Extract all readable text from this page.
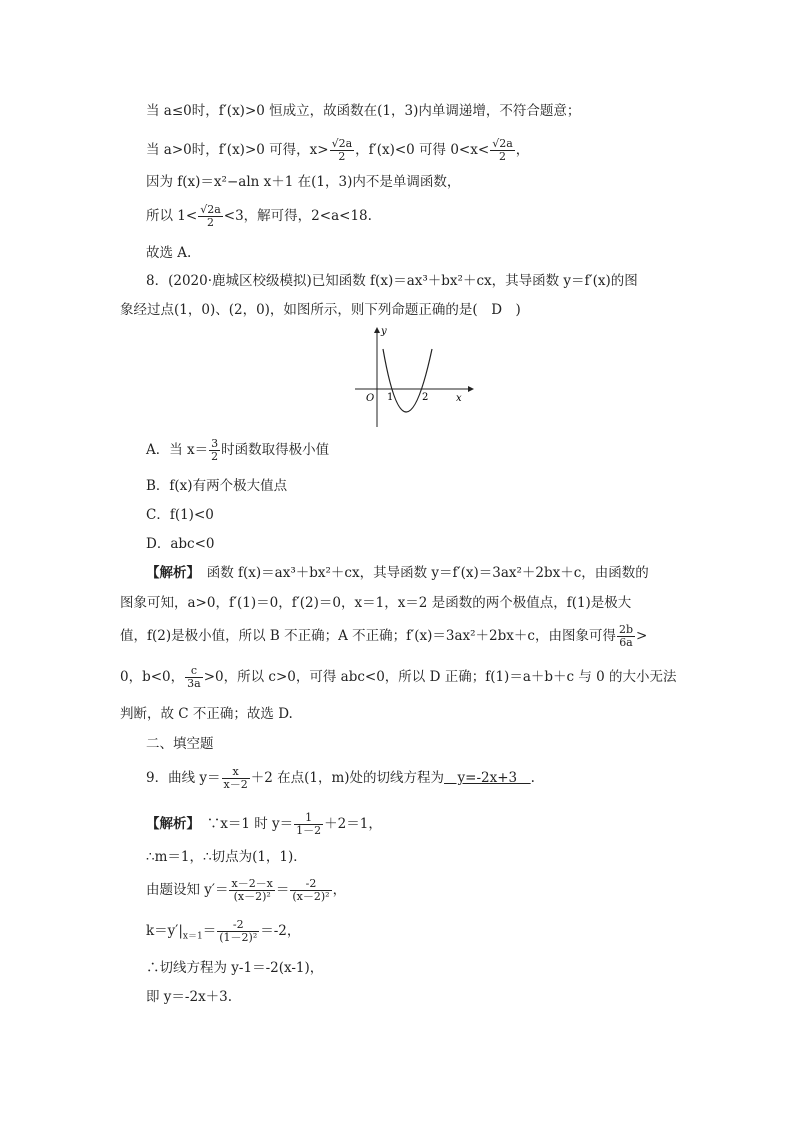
当 a≤0时，f′(x)>0 恒成立，故函数在(1，3)内单调递增，不符合题意；
当 a>0时，f′(x)>0 可得，$x> \frac{√2a}{2}$ ，f′(x)<0 可得 $0<x< \frac{√2a}{2}$ ，
因为 f(x)＝x²−aln x＋1 在(1，3)内不是单调函数，
所以 $1< \frac{√2a}{2} <3$，解可得，2<a<18.
故选 A.
8．(2020·鹿城区校级模拟)已知函数 f(x)＝ax³＋bx²＋cx，其导函数 y＝f′(x)的图
象经过点(1，0)、(2，0)，如图所示，则下列命题正确的是(　D　)
y
x
O 1	2
A．当 $x= \frac{3}{2}$ 时函数取得极小值
B．f(x)有两个极大值点
C．f(1)<0
D．abc<0
【解析】　函数 f(x)＝ax³＋bx²＋cx，其导函数 y＝f′(x)＝3ax²＋2bx＋c，由函数的
图象可知，a>0，f′(1)＝0，f′(2)＝0，x＝1，x＝2 是函数的两个极值点，f(1)是极大
值，f(2)是极小值，所以 B 不正确；A 不正确；f′(x)＝3ax²＋2bx＋c，由图象可得 $\frac{2b}{6a}$ >
0，b<0， $\frac{c}{3a} >0$，所以 c>0，可得 abc<0，所以 D 正确；f(1)＝a＋b＋c 与 0 的大小无法
判断，故 C 不正确；故选 D.
二、填空题
9．曲线 $y= \frac{x}{x-2} +2$ 在点(1，m)处的切线方程为　y=-2x+3　.
【解析】　∵x＝1 时 $y= \frac{1}{1-2} +2=1$，
∴m＝1，∴切点为(1，1)．
由题设知 $y'= \frac{x-2-x}{\text{(x－2)²}} = \frac{-2}{\text{(x－2)²}}$ ，
$k=y'|_{x=1}= \frac{-2}{\text{(1－2)²}} =-2$，
∴切线方程为 y-1＝-2(x-1)，
即 y＝-2x＋3.
